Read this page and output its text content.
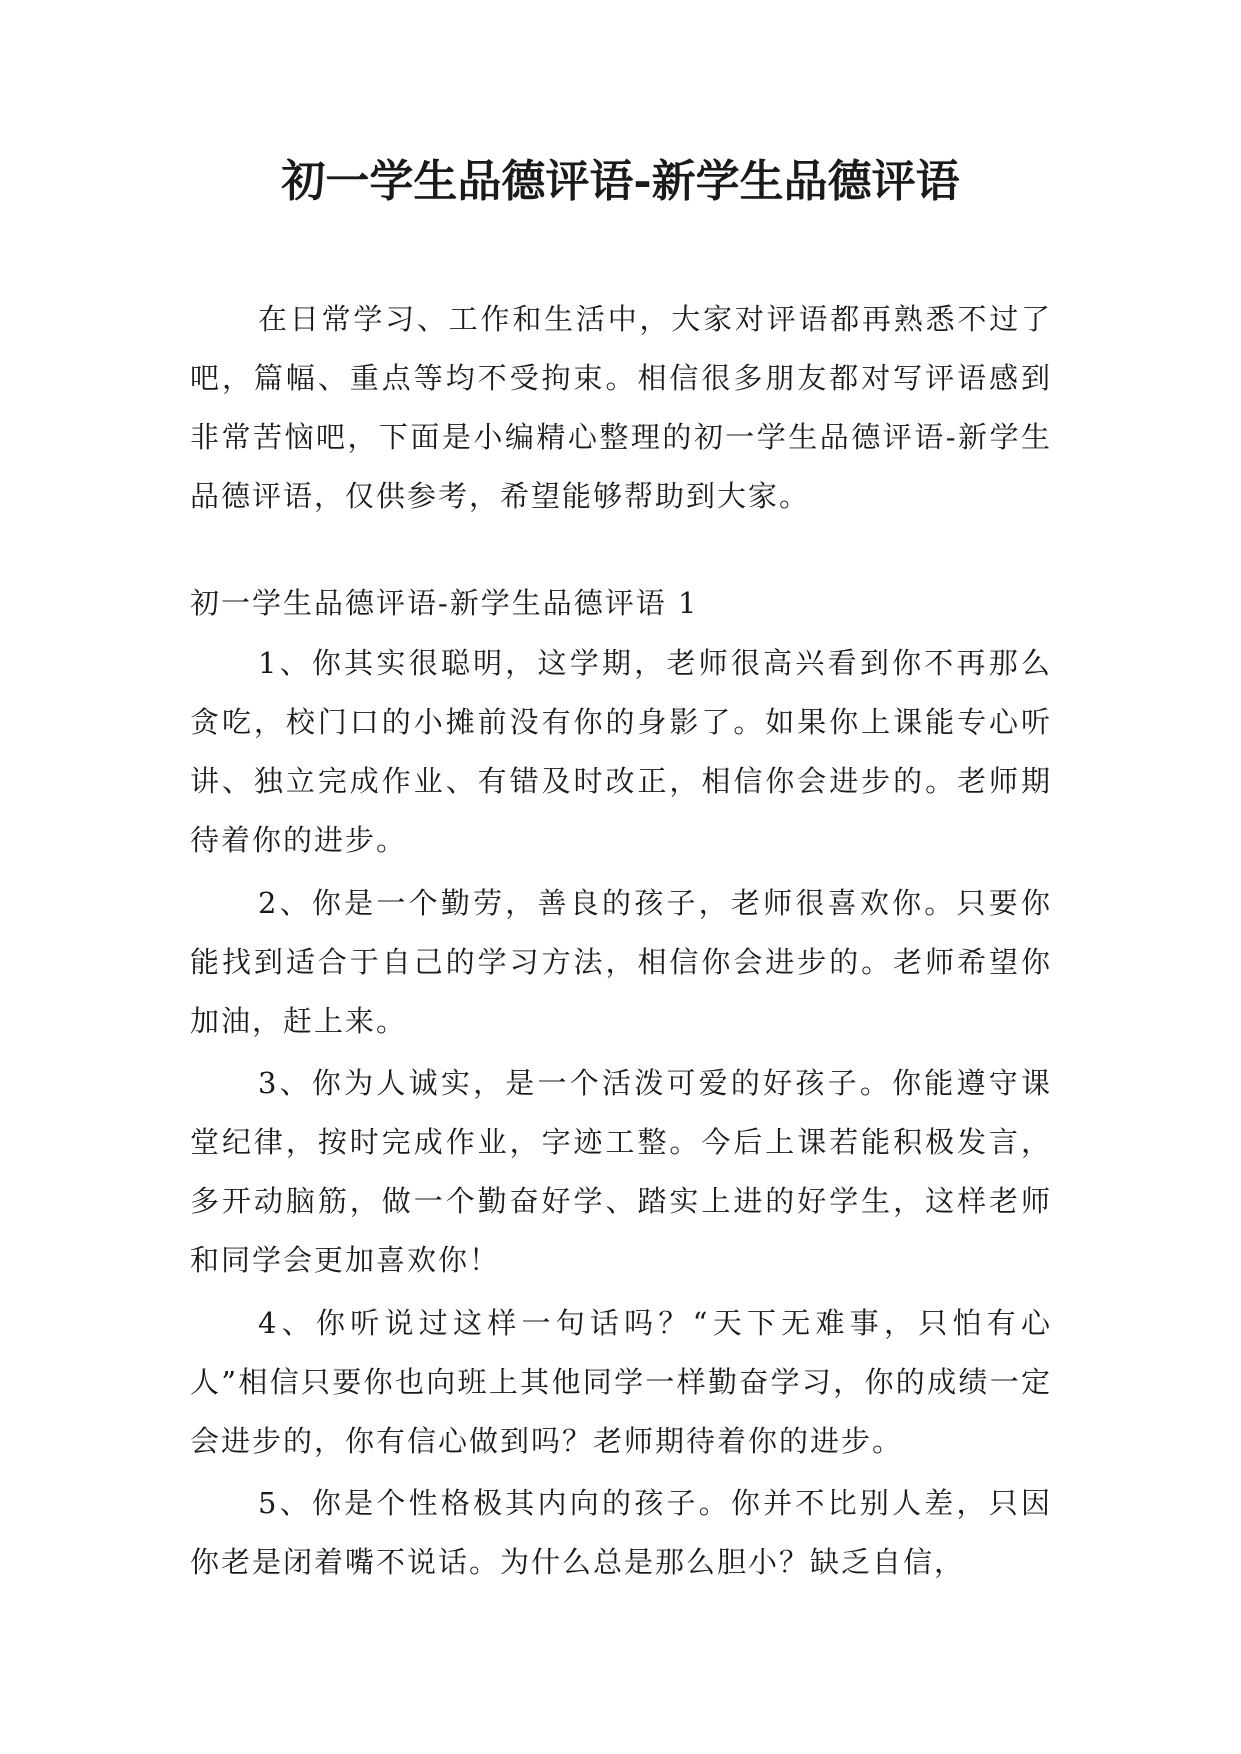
初一学生品德评语-新学生品德评语

在日常学习、工作和生活中，大家对评语都再熟悉不过了吧，篇幅、重点等均不受拘束。相信很多朋友都对写评语感到非常苦恼吧，下面是小编精心整理的初一学生品德评语-新学生品德评语，仅供参考，希望能够帮助到大家。

初一学生品德评语-新学生品德评语 1

1、你其实很聪明，这学期，老师很高兴看到你不再那么贪吃，校门口的小摊前没有你的身影了。如果你上课能专心听讲、独立完成作业、有错及时改正，相信你会进步的。老师期待着你的进步。

2、你是一个勤劳，善良的孩子，老师很喜欢你。只要你能找到适合于自己的学习方法，相信你会进步的。老师希望你加油，赶上来。

3、你为人诚实，是一个活泼可爱的好孩子。你能遵守课堂纪律，按时完成作业，字迹工整。今后上课若能积极发言，多开动脑筋，做一个勤奋好学、踏实上进的好学生，这样老师和同学会更加喜欢你！

4、你听说过这样一句话吗？“天下无难事，只怕有心人”相信只要你也向班上其他同学一样勤奋学习，你的成绩一定会进步的，你有信心做到吗？老师期待着你的进步。

5、你是个性格极其内向的孩子。你并不比别人差，只因你老是闭着嘴不说话。为什么总是那么胆小？缺乏自信，
